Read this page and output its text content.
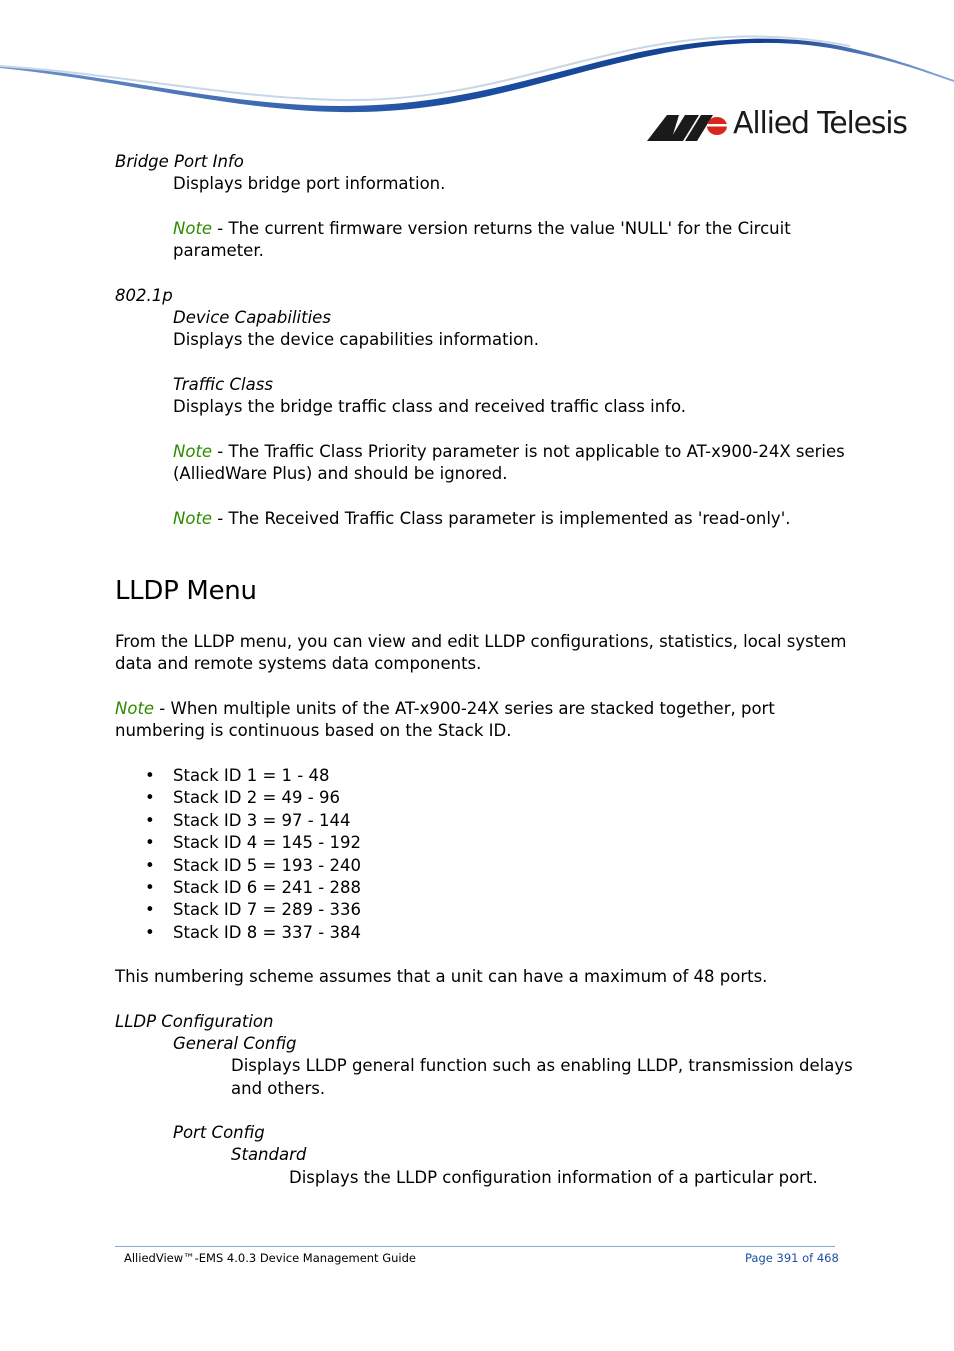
Allied Telesis
Bridge Port Info
Displays bridge port information.
Note - The current firmware version returns the value 'NULL' for the Circuit
parameter.
802.1p
Device Capabilities
Displays the device capabilities information.
Traffic Class
Displays the bridge traffic class and received traffic class info.
Note - The Traffic Class Priority parameter is not applicable to AT-x900-24X series
(AlliedWare Plus) and should be ignored.
Note - The Received Traffic Class parameter is implemented as 'read-only'.
LLDP Menu
From the LLDP menu, you can view and edit LLDP configurations, statistics, local system
data and remote systems data components.
Note - When multiple units of the AT-x900-24X series are stacked together, port
numbering is continuous based on the Stack ID.
• Stack ID 1 = 1 - 48
• Stack ID 2 = 49 - 96
• Stack ID 3 = 97 - 144
• Stack ID 4 = 145 - 192
• Stack ID 5 = 193 - 240
• Stack ID 6 = 241 - 288
• Stack ID 7 = 289 - 336
• Stack ID 8 = 337 - 384
This numbering scheme assumes that a unit can have a maximum of 48 ports.
LLDP Configuration
General Config
Displays LLDP general function such as enabling LLDP, transmission delays
and others.
Port Config
Standard
Displays the LLDP configuration information of a particular port.
AlliedView™-EMS 4.0.3 Device Management Guide	Page 391 of 468
